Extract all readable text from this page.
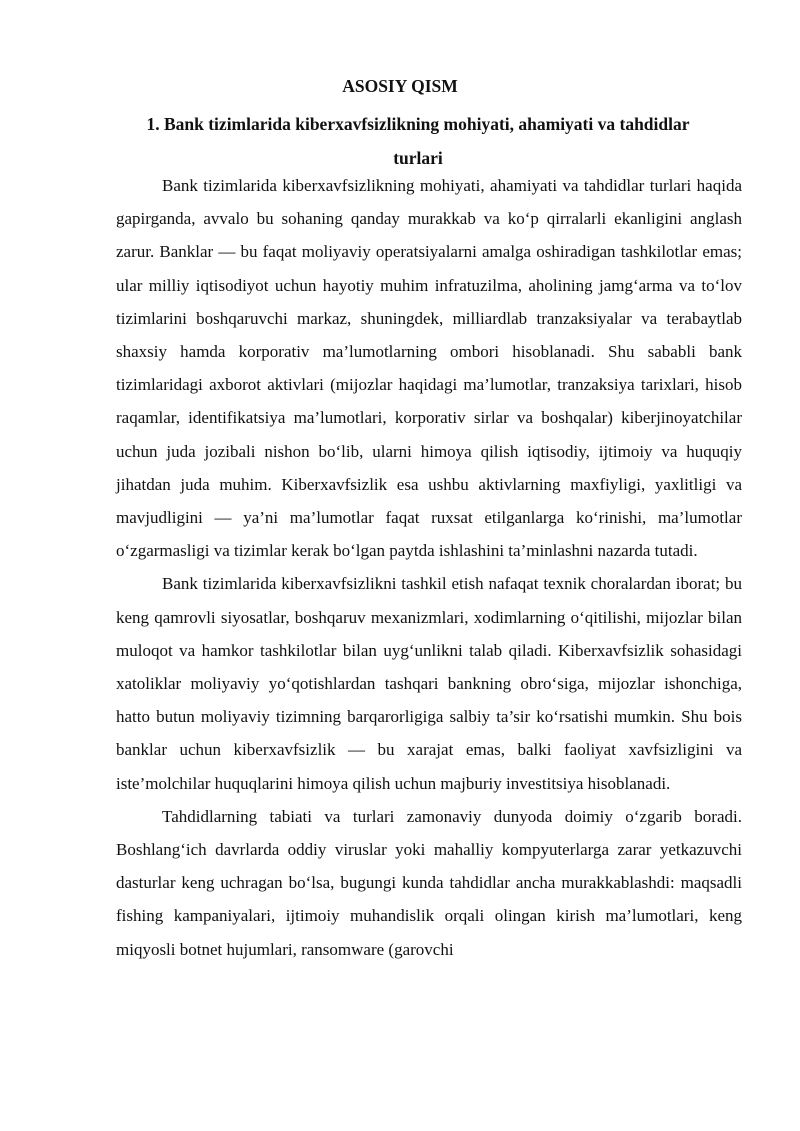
ASOSIY QISM
1. Bank tizimlarida kiberxavfsizlikning mohiyati, ahamiyati va tahdidlar turlari

Bank tizimlarida kiberxavfsizlikning mohiyati, ahamiyati va tahdidlar turlari haqida gapirganda, avvalo bu sohaning qanday murakkab va ko‘p qirralarli ekanligini anglash zarur. Banklar — bu faqat moliyaviy operatsiyalarni amalga oshiradigan tashkilotlar emas; ular milliy iqtisodiyot uchun hayotiy muhim infratuzilma, aholining jamg‘arma va to‘lov tizimlarini boshqaruvchi markaz, shuningdek, milliardlab tranzaksiyalar va terabaytlab shaxsiy hamda korporativ ma’lumotlarning ombori hisoblanadi. Shu sababli bank tizimlaridagi axborot aktivlari (mijozlar haqidagi ma’lumotlar, tranzaksiya tarixlari, hisob raqamlar, identifikatsiya ma’lumotlari, korporativ sirlar va boshqalar) kiberjinoyatchilar uchun juda jozibali nishon bo‘lib, ularni himoya qilish iqtisodiy, ijtimoiy va huquqiy jihatdan juda muhim. Kiberxavfsizlik esa ushbu aktivlarning maxfiyligi, yaxlitligi va mavjudligini — ya’ni ma’lumotlar faqat ruxsat etilganlarga ko‘rinishi, ma’lumotlar o‘zgarmasligi va tizimlar kerak bo‘lgan paytda ishlashini ta’minlashni nazarda tutadi.

Bank tizimlarida kiberxavfsizlikni tashkil etish nafaqat texnik choralardan iborat; bu keng qamrovli siyosatlar, boshqaruv mexanizmlari, xodimlarning o‘qitilishi, mijozlar bilan muloqot va hamkor tashkilotlar bilan uyg‘unlikni talab qiladi. Kiberxavfsizlik sohasidagi xatoliklar moliyaviy yo‘qotishlardan tashqari bankning obro‘siga, mijozlar ishonchiga, hatto butun moliyaviy tizimning barqarorligiga salbiy ta’sir ko‘rsatishi mumkin. Shu bois banklar uchun kiberxavfsizlik — bu xarajat emas, balki faoliyat xavfsizligini va iste’molchilar huquqlarini himoya qilish uchun majburiy investitsiya hisoblanadi.

Tahdidlarning tabiati va turlari zamonaviy dunyoda doimiy o‘zgarib boradi. Boshlang‘ich davrlarda oddiy viruslar yoki mahalliy kompyuterlarga zarar yetkazuvchi dasturlar keng uchragan bo‘lsa, bugungi kunda tahdidlar ancha murakkablashdi: maqsadli fishing kampaniyalari, ijtimoiy muhandislik orqali olingan kirish ma’lumotlari, keng miqyosli botnet hujumlari, ransomware (garovchi
